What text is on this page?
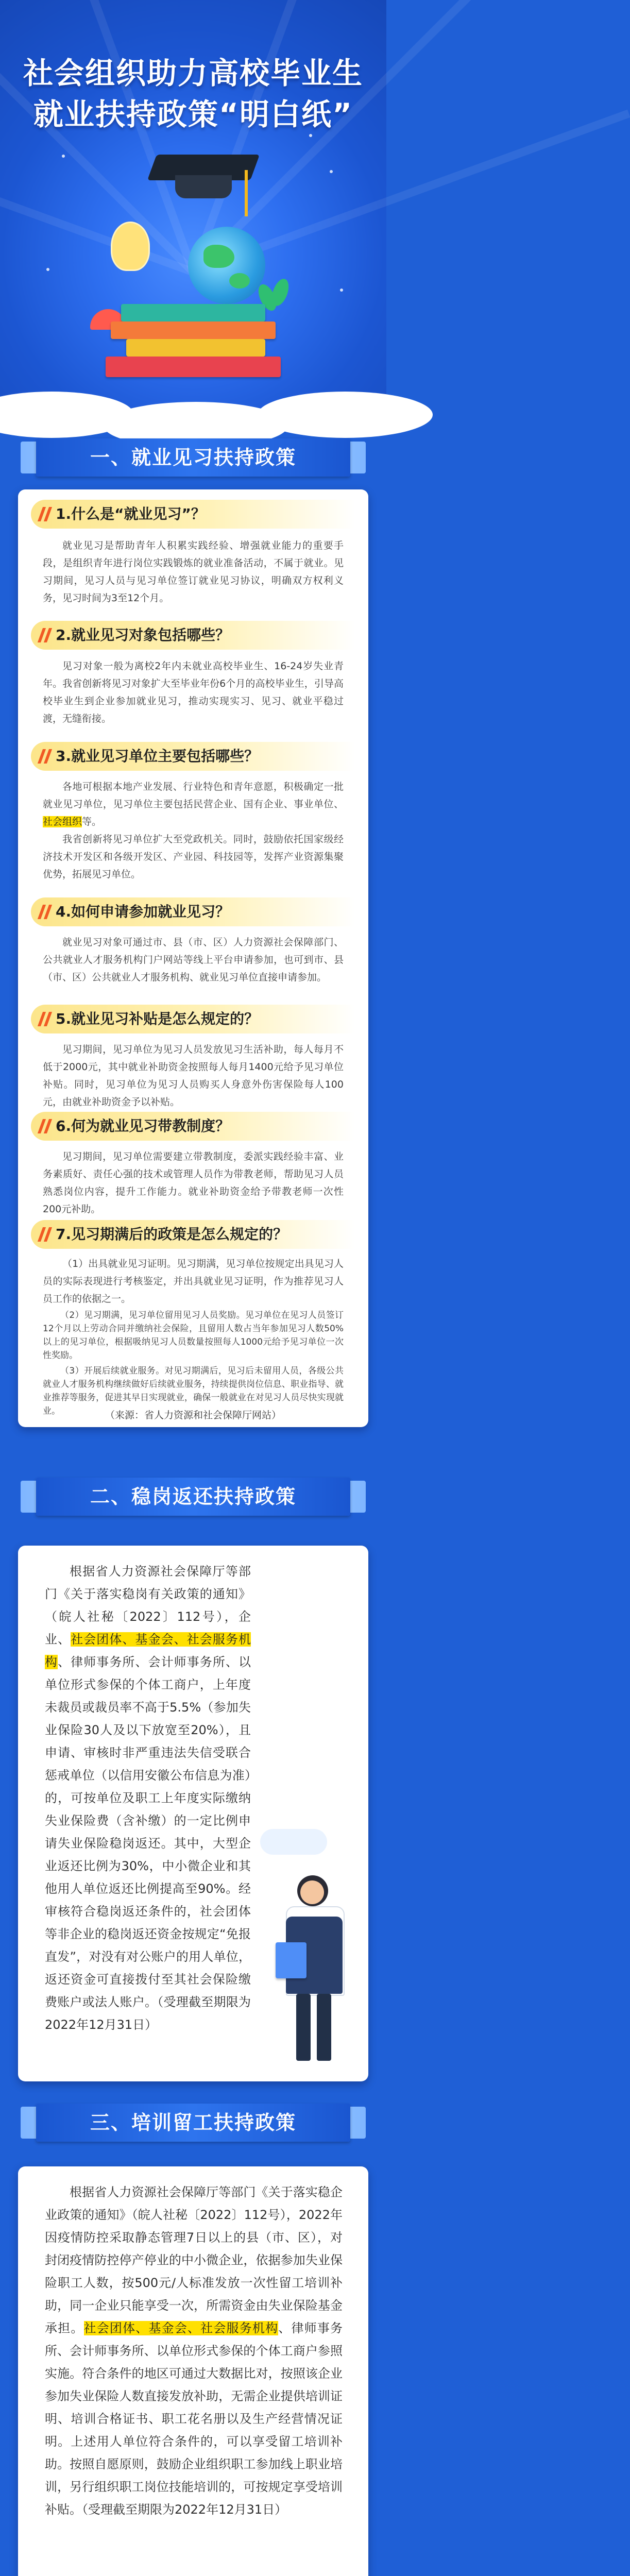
社会组织助力高校毕业生
就业扶持政策“明白纸”
一、就业见习扶持政策
1.什么是“就业见习”？
就业见习是帮助青年人积累实践经验、增强就业能力的重要手段，是组织青年进行岗位实践锻炼的就业准备活动，不属于就业。见习期间，见习人员与见习单位签订就业见习协议，明确双方权利义务，见习时间为3至12个月。
2.就业见习对象包括哪些？
见习对象一般为离校2年内未就业高校毕业生、16-24岁失业青年。我省创新将见习对象扩大至毕业年份6个月的高校毕业生，引导高校毕业生到企业参加就业见习，推动实现实习、见习、就业平稳过渡，无缝衔接。
3.就业见习单位主要包括哪些？
各地可根据本地产业发展、行业特色和青年意愿，积极确定一批就业见习单位，见习单位主要包括民营企业、国有企业、事业单位、社会组织等。
我省创新将见习单位扩大至党政机关。同时，鼓励依托国家级经济技术开发区和各级开发区、产业园、科技园等，发挥产业资源集聚优势，拓展见习单位。
4.如何申请参加就业见习？
就业见习对象可通过市、县（市、区）人力资源社会保障部门、公共就业人才服务机构门户网站等线上平台申请参加，也可到市、县（市、区）公共就业人才服务机构、就业见习单位直接申请参加。
5.就业见习补贴是怎么规定的？
见习期间，见习单位为见习人员发放见习生活补助，每人每月不低于2000元，其中就业补助资金按照每人每月1400元给予见习单位补贴。同时，见习单位为见习人员购买人身意外伤害保险每人100元，由就业补助资金予以补贴。
6.何为就业见习带教制度？
见习期间，见习单位需要建立带教制度，委派实践经验丰富、业务素质好、责任心强的技术或管理人员作为带教老师，帮助见习人员熟悉岗位内容，提升工作能力。就业补助资金给予带教老师一次性200元补助。
7.见习期满后的政策是怎么规定的？
（1）出具就业见习证明。见习期满，见习单位按规定出具见习人员的实际表现进行考核鉴定，并出具就业见习证明，作为推荐见习人员工作的依据之一。
（2）见习期满，见习单位留用见习人员奖励。见习单位在见习人员签订12个月以上劳动合同并缴纳社会保险，且留用人数占当年参加见习人数50%以上的见习单位，根据吸纳见习人员数量按照每人1000元给予见习单位一次性奖励。
（3）开展后续就业服务。对见习期满后，见习后未留用人员，各级公共就业人才服务机构继续做好后续就业服务，持续提供岗位信息、职业指导、就业推荐等服务，促进其早日实现就业，确保一般就业在对见习人员尽快实现就业。	（来源：省人力资源和社会保障厅网站）
二、稳岗返还扶持政策
根据省人力资源社会保障厅等部门《关于落实稳岗有关政策的通知》（皖人社秘〔2022〕112号），企业、社会团体、基金会、社会服务机构、律师事务所、会计师事务所、以单位形式参保的个体工商户，上年度未裁员或裁员率不高于5.5%（参加失业保险30人及以下放宽至20%），且申请、审核时非严重违法失信受联合惩戒单位（以信用安徽公布信息为准）的，可按单位及职工上年度实际缴纳失业保险费（含补缴）的一定比例申请失业保险稳岗返还。其中，大型企业返还比例为30%，中小微企业和其他用人单位返还比例提高至90%。经审核符合稳岗返还条件的，社会团体等非企业的稳岗返还资金按规定“免报直发”，对没有对公账户的用人单位，返还资金可直接拨付至其社会保险缴费账户或法人账户。（受理截至期限为2022年12月31日）
三、培训留工扶持政策
根据省人力资源社会保障厅等部门《关于落实稳企业政策的通知》（皖人社秘〔2022〕112号），2022年因疫情防控采取静态管理7日以上的县（市、区），对封闭疫情防控停产停业的中小微企业，依据参加失业保险职工人数，按500元/人标准发放一次性留工培训补助，同一企业只能享受一次，所需资金由失业保险基金承担。社会团体、基金会、社会服务机构、律师事务所、会计师事务所、以单位形式参保的个体工商户参照实施。符合条件的地区可通过大数据比对，按照该企业参加失业保险人数直接发放补助，无需企业提供培训证明、培训合格证书、职工花名册以及生产经营情况证明。上述用人单位符合条件的，可以享受留工培训补助。按照自愿原则，鼓励企业组织职工参加线上职业培训，另行组织职工岗位技能培训的，可按规定享受培训补贴。（受理截至期限为2022年12月31日）
